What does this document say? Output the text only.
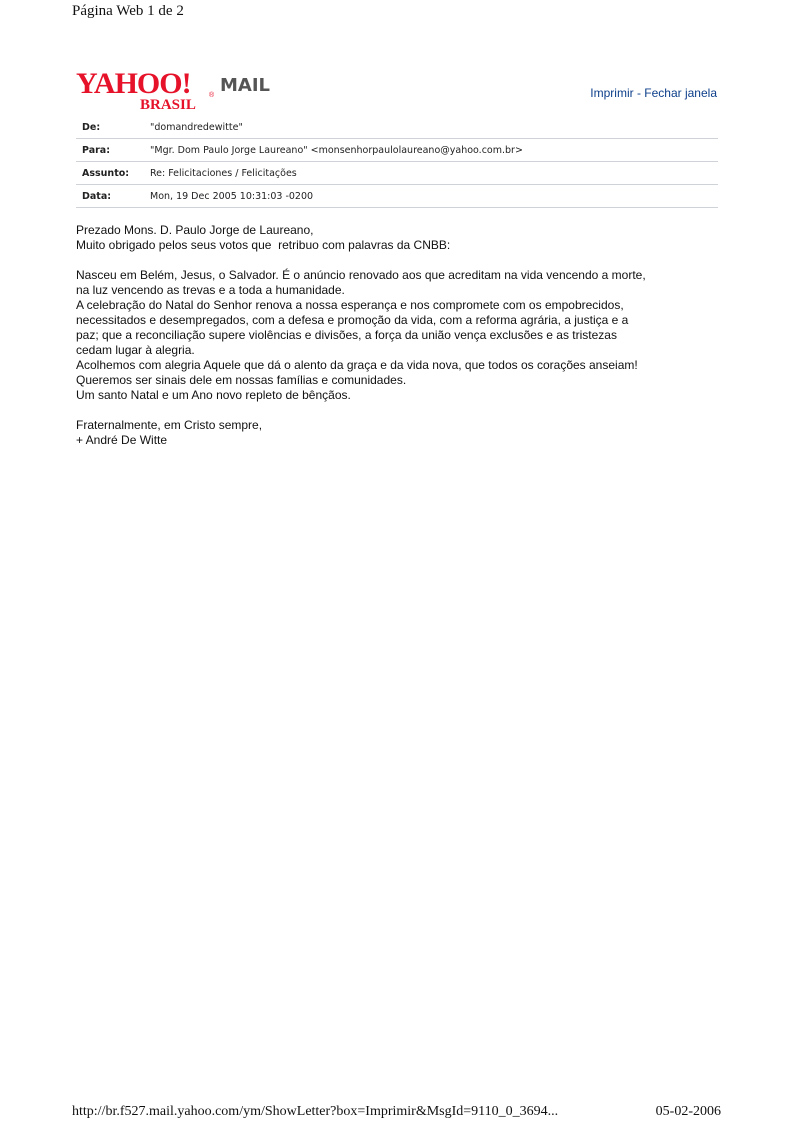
Página Web 1 de 2
YAHOO!	®
BRASIL
MAIL	Imprimir - Fechar janela
De:	"domandredewitte"
Para:	"Mgr. Dom Paulo Jorge Laureano" <monsenhorpaulolaureano@yahoo.com.br>
Assunto:	Re: Felicitaciones / Felicitações
Data:	Mon, 19 Dec 2005 10:31:03 -0200

Prezado Mons. D. Paulo Jorge de Laureano,

Muito obrigado pelos seus votos que  retribuo com palavras da CNBB:

Nasceu em Belém, Jesus, o Salvador. É o anúncio renovado aos que acreditam na vida vencendo a morte,

na luz vencendo as trevas e a toda a humanidade.

A celebração do Natal do Senhor renova a nossa esperança e nos compromete com os empobrecidos,

necessitados e desempregados, com a defesa e promoção da vida, com a reforma agrária, a justiça e a

paz; que a reconciliação supere violências e divisões, a força da união vença exclusões e as tristezas

cedam lugar à alegria.

Acolhemos com alegria Aquele que dá o alento da graça e da vida nova, que todos os corações anseiam!

Queremos ser sinais dele em nossas famílias e comunidades.

Um santo Natal e um Ano novo repleto de bênçãos.

Fraternalmente, em Cristo sempre,

+ André De Witte

http://br.f527.mail.yahoo.com/ym/ShowLetter?box=Imprimir&MsgId=9110_0_3694...	05-02-2006
